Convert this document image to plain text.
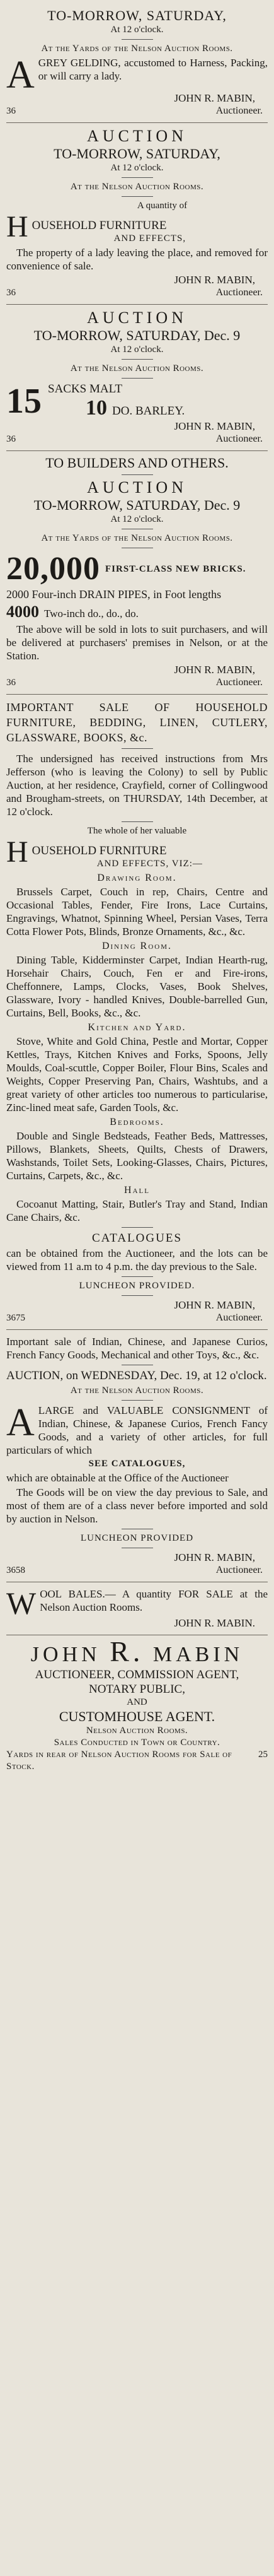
TO-MORROW, SATURDAY,
At 12 o'clock.
At the Yards of the Nelson Auction Rooms.
A GREY GELDING, accustomed to Harness, Packing, or will carry a lady.
JOHN R. MABIN,
36	Auctioneer.
AUCTION
TO-MORROW, SATURDAY,
At 12 o'clock.
At the Nelson Auction Rooms.
A quantity of
H OUSEHOLD FURNITURE
AND EFFECTS,
The property of a lady leaving the place, and removed for convenience of sale.
JOHN R. MABIN,
36	Auctioneer.
AUCTION
TO-MORROW, SATURDAY, Dec. 9
At 12 o'clock.
At the Nelson Auction Rooms.
15 SACKS MALT
10 DO. BARLEY.
JOHN R. MABIN,
36	Auctioneer.
TO BUILDERS AND OTHERS.
AUCTION
TO-MORROW, SATURDAY, Dec. 9
At 12 o'clock.
At the Yards of the Nelson Auction Rooms.
20,000 FIRST-CLASS NEW BRICKS.
2000 Four-inch DRAIN PIPES, in Foot lengths
4000 Two-inch do., do., do.
The above will be sold in lots to suit purchasers, and will be delivered at purchasers' premises in Nelson, or at the Station.
JOHN R. MABIN,
36	Auctioneer.
IMPORTANT SALE OF HOUSEHOLD FURNITURE, BEDDING, LINEN, CUTLERY, GLASSWARE, BOOKS, &c.
The undersigned has received instructions from Mrs Jefferson (who is leaving the Colony) to sell by Public Auction, at her residence, Crayfield, corner of Collingwood and Brougham-streets, on THURSDAY, 14th December, at 12 o'clock.
The whole of her valuable
H OUSEHOLD FURNITURE
AND EFFECTS, VIZ:—
Drawing Room.
Brussels Carpet, Couch in rep, Chairs, Centre and Occasional Tables, Fender, Fire Irons, Lace Curtains, Engravings, Whatnot, Spinning Wheel, Persian Vases, Terra Cotta Flower Pots, Blinds, Bronze Ornaments, &c., &c.
Dining Room.
Dining Table, Kidderminster Carpet, Indian Hearth-rug, Horsehair Chairs, Couch, Fen er and Fire-irons, Cheffonnere, Lamps, Clocks, Vases, Book Shelves, Glassware, Ivory - handled Knives, Double-barrelled Gun, Curtains, Bell, Books, &c., &c.
Kitchen and Yard.
Stove, White and Gold China, Pestle and Mortar, Copper Kettles, Trays, Kitchen Knives and Forks, Spoons, Jelly Moulds, Coal-scuttle, Copper Boiler, Flour Bins, Scales and Weights, Copper Preserving Pan, Chairs, Washtubs, and a great variety of other articles too numerous to particularise, Zinc-lined meat safe, Garden Tools, &c.
Bedrooms.
Double and Single Bedsteads, Feather Beds, Mattresses, Pillows, Blankets, Sheets, Quilts, Chests of Drawers, Washstands, Toilet Sets, Looking-Glasses, Chairs, Pictures, Curtains, Carpets, &c., &c.
Hall
Cocoanut Matting, Stair, Butler's Tray and Stand, Indian Cane Chairs, &c.
CATALOGUES
can be obtained from the Auctioneer, and the lots can be viewed from 11 a.m to 4 p.m. the day previous to the Sale.
LUNCHEON PROVIDED.
JOHN R. MABIN,
3675	Auctioneer.
Important sale of Indian, Chinese, and Japanese Curios, French Fancy Goods, Mechanical and other Toys, &c., &c.
AUCTION, on WEDNESDAY, Dec. 19, at 12 o'clock.
At the Nelson Auction Rooms.
A LARGE and VALUABLE CONSIGNMENT of Indian, Chinese, & Japanese Curios, French Fancy Goods, and a variety of other articles, for full particulars of which
SEE CATALOGUES,
which are obtainable at the Office of the Auctioneer
The Goods will be on view the day previous to Sale, and most of them are of a class never before imported and sold by auction in Nelson.
LUNCHEON PROVIDED
JOHN R. MABIN,
3658	Auctioneer.
W OOL BALES.— A quantity FOR SALE at the Nelson Auction Rooms.
JOHN R. MABIN.
JOHN R. MABIN
AUCTIONEER, COMMISSION AGENT,
NOTARY PUBLIC,
AND
CUSTOMHOUSE AGENT.
Nelson Auction Rooms.
Sales Conducted in Town or Country.
Yards in rear of Nelson Auction Rooms for Sale of Stock.
25
